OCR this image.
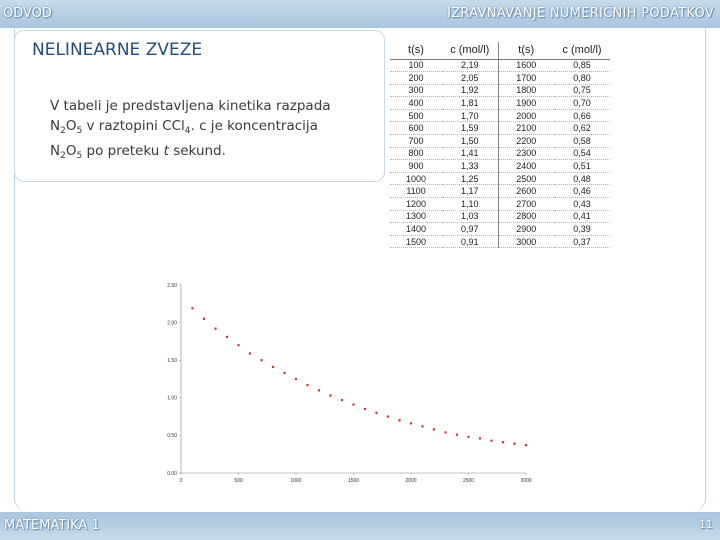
ODVOD	IZRAVNAVANJE NUMERIČNIH PODATKOV
NELINEARNE ZVEZE
V tabeli je predstavljena kinetika razpada
$N_2O_5$ v raztopini CCl$_4$. c je koncentracija
$N_2O_5$ po preteku t sekund.
t(s)	c (mol/l)	t(s)	c (mol/l)
100	2,19	1600	0,85
200	2,05	1700	0,80
300	1,92	1800	0,75
400	1,81	1900	0,70
500	1,70	2000	0,66
600	1,59	2100	0,62
700	1,50	2200	0,58
800	1,41	2300	0,54
900	1,33	2400	0,51
1000	1,25	2500	0,48
1100	1,17	2600	0,46
1200	1,10	2700	0,43
1300	1,03	2800	0,41
1400	0,97	2900	0,39
1500	0,91	3000	0,37
0.00
0.50
1.00
1.50
2.00
2.50
0	500	1000	1500	2000	2500	3000
MATEMATIKA 1	11
